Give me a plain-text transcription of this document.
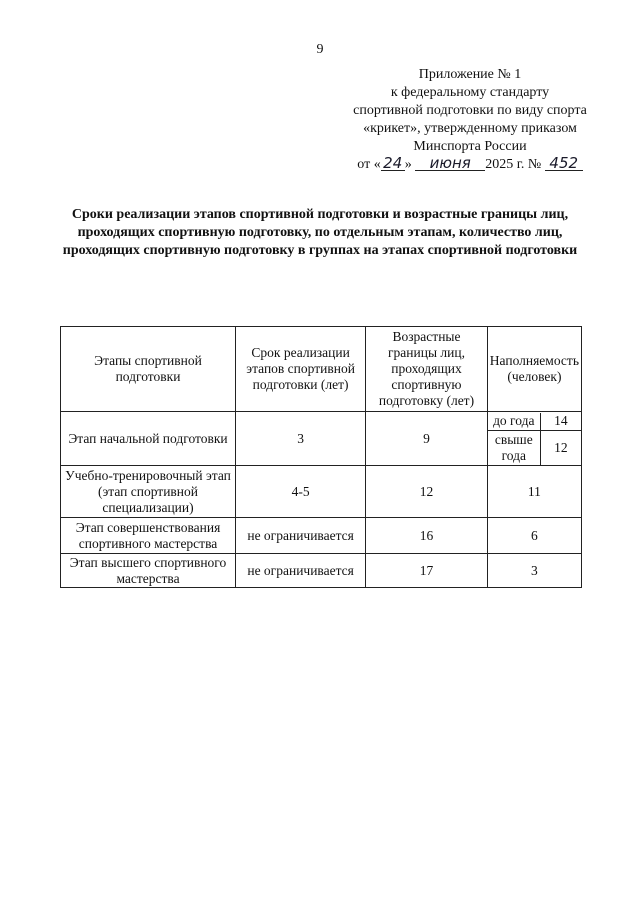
9
Приложение № 1
к федеральному стандарту
спортивной подготовки по виду спорта
«крикет», утвержденному приказом
Минспорта России
от « 24 » июня 2025 г. № 452
Сроки реализации этапов спортивной подготовки и возрастные границы лиц, проходящих спортивную подготовку, по отдельным этапам, количество лиц, проходящих спортивную подготовку в группах на этапах спортивной подготовки
Этапы спортивной подготовки	Срок реализации этапов спортивной подготовки (лет)	Возрастные границы лиц, проходящих спортивную подготовку (лет)	Наполняемость (человек)
Этап начальной подготовки	3	9	
до года	14
свыше года	12

Учебно-тренировочный этап (этап спортивной специализации)	4-5	12	11
Этап совершенствования спортивного мастерства	не ограничивается	16	6
Этап высшего спортивного мастерства	не ограничивается	17	3
